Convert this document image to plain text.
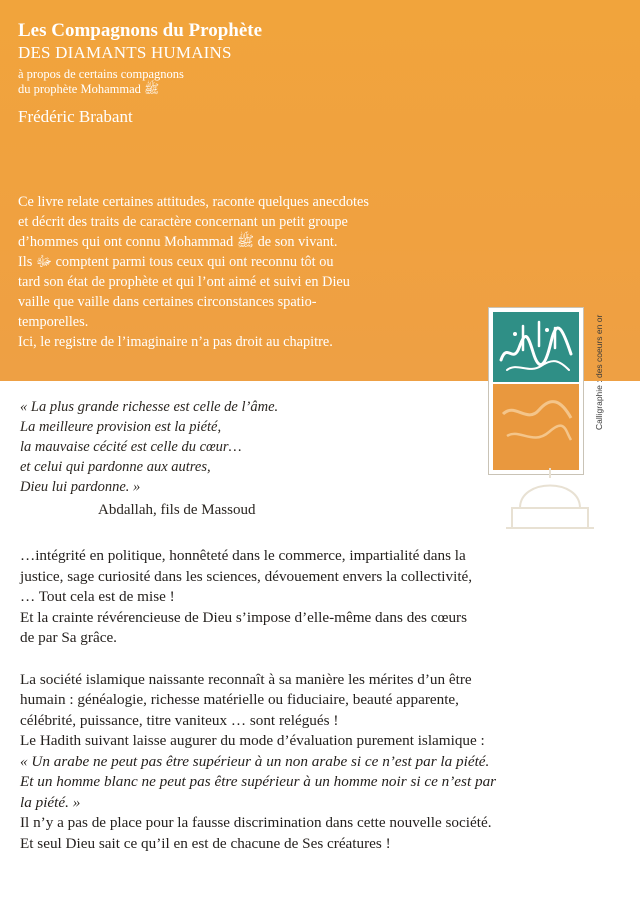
Les Compagnons du Prophète
DES DIAMANTS HUMAINS
à propos de certains compagnons
du prophète Mohammad ﷺ
Frédéric Brabant
Ce livre relate certaines attitudes, raconte quelques anecdotes
et décrit des traits de caractère concernant un petit groupe
d’hommes qui ont connu Mohammad ﷺ de son vivant.
Ils ﷻ comptent parmi tous ceux qui ont reconnu tôt ou
tard son état de prophète et qui l’ont aimé et suivi en Dieu
vaille que vaille dans certaines circonstances spatio-
temporelles.
Ici, le registre de l’imaginaire n’a pas droit au chapitre.	Calligraphie : des coeurs en or
« La plus grande richesse est celle de l’âme.
La meilleure provision est la piété,
la mauvaise cécité est celle du cœur…
et celui qui pardonne aux autres,
Dieu lui pardonne. »
Abdallah, fils de Massoud
…intégrité en politique, honnêteté dans le commerce, impartialité dans la
justice, sage curiosité dans les sciences, dévouement envers la collectivité,
… Tout cela est de mise !
Et la crainte révérencieuse de Dieu s’impose d’elle-même dans des cœurs
de par Sa grâce.
La société islamique naissante reconnaît à sa manière les mérites d’un être
humain : généalogie, richesse matérielle ou fiduciaire, beauté apparente,
célébrité, puissance, titre vaniteux … sont relégués !
Le Hadith suivant laisse augurer du mode d’évaluation purement islamique :
« Un arabe ne peut pas être supérieur à un non arabe si ce n’est par la piété.
Et un homme blanc ne peut pas être supérieur à un homme noir si ce n’est par
la piété. »
Il n’y a pas de place pour la fausse discrimination dans cette nouvelle société.
Et seul Dieu sait ce qu’il en est de chacune de Ses créatures !
